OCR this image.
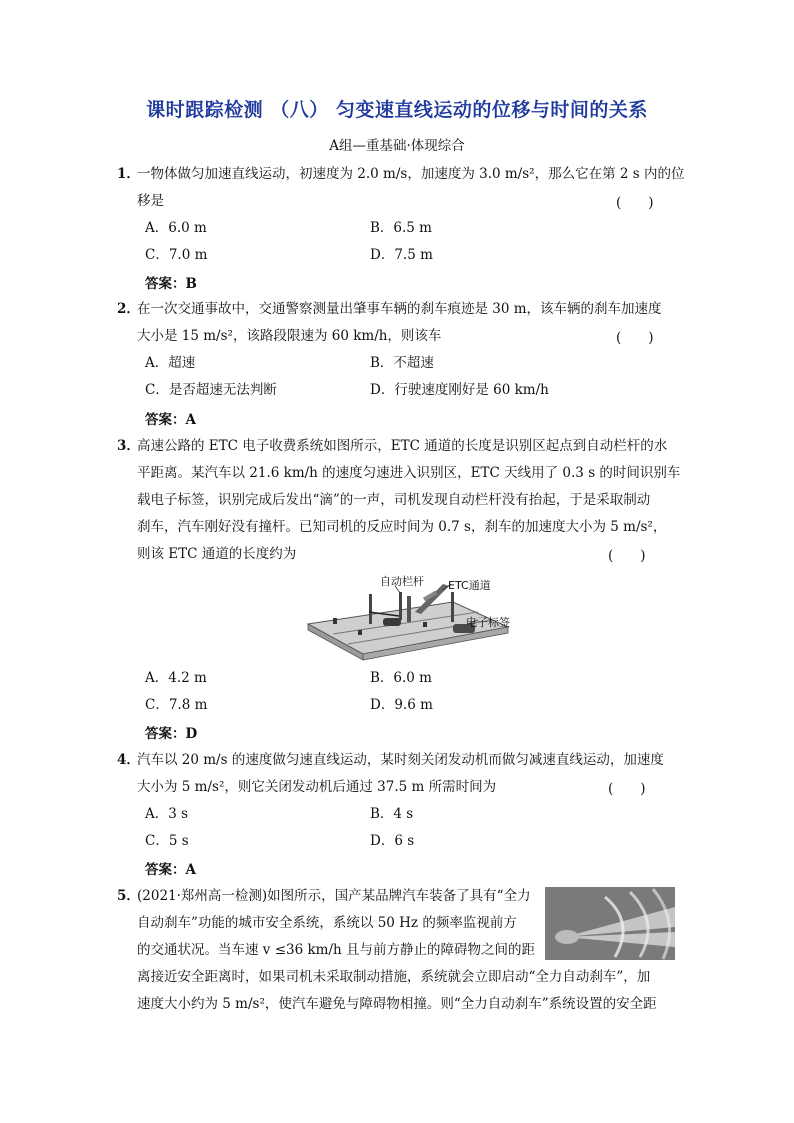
课时跟踪检测 （八） 匀变速直线运动的位移与时间的关系
A组—重基础·体现综合
1．
一物体做匀加速直线运动，初速度为 2.0 m/s，加速度为 3.0 m/s²，那么它在第 2 s 内的位
移是	(　　)
A．6.0 m	B．6.5 m
C．7.0 m	D．7.5 m
答案：B
2．
在一次交通事故中，交通警察测量出肇事车辆的刹车痕迹是 30 m，该车辆的刹车加速度
大小是 15 m/s²，该路段限速为 60 km/h，则该车	(　　)
A．超速	B．不超速
C．是否超速无法判断	D．行驶速度刚好是 60 km/h
答案：A
3．
高速公路的 ETC 电子收费系统如图所示，ETC 通道的长度是识别区起点到自动栏杆的水
平距离。某汽车以 21.6 km/h 的速度匀速进入识别区，ETC 天线用了 0.3 s 的时间识别车
载电子标签，识别完成后发出“滴”的一声，司机发现自动栏杆没有抬起，于是采取制动
刹车，汽车刚好没有撞杆。已知司机的反应时间为 0.7 s，刹车的加速度大小为 5 m/s²，
则该 ETC 通道的长度约为	(　　)
自动栏杆 ETC通道
电子标签
A．4.2 m	B．6.0 m
C．7.8 m	D．9.6 m
答案：D
4．
汽车以 20 m/s 的速度做匀速直线运动，某时刻关闭发动机而做匀减速直线运动，加速度
大小为 5 m/s²，则它关闭发动机后通过 37.5 m 所需时间为	(　　)
A．3 s	B．4 s
C．5 s	D．6 s
答案：A
5．
(2021·郑州高一检测)如图所示，国产某品牌汽车装备了具有“全力
自动刹车”功能的城市安全系统，系统以 50 Hz 的频率监视前方
的交通状况。当车速 v ≤36 km/h 且与前方静止的障碍物之间的距
离接近安全距离时，如果司机未采取制动措施，系统就会立即启动“全力自动刹车”，加
速度大小约为 5 m/s²，使汽车避免与障碍物相撞。则“全力自动刹车”系统设置的安全距
